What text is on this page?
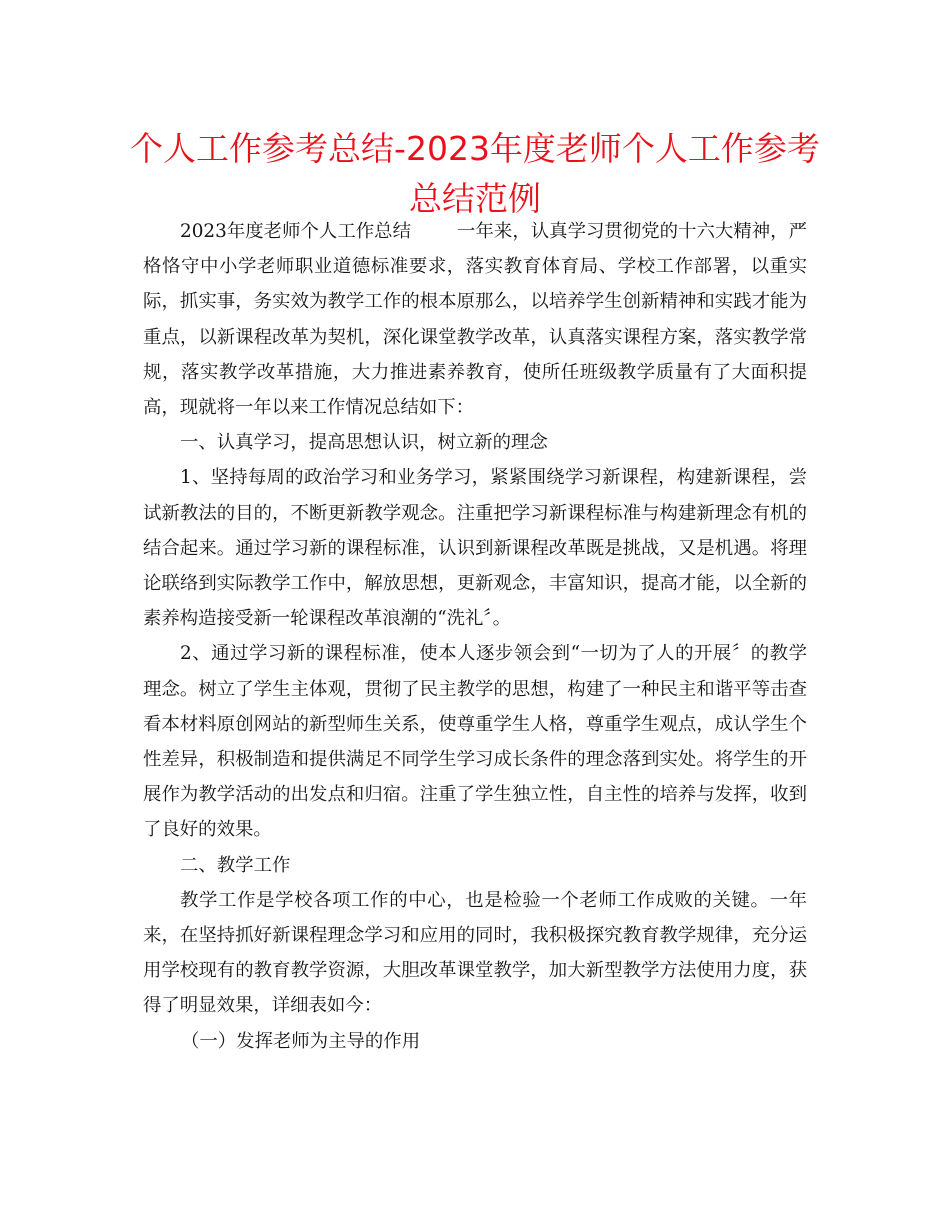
个人工作参考总结-2023年度老师个人工作参考总结范例

2023年度老师个人工作总结	一年来，认真学习贯彻党的十六大精神，严格恪守中小学老师职业道德标准要求，落实教育体育局、学校工作部署，以重实际，抓实事，务实效为教学工作的根本原那么，以培养学生创新精神和实践才能为重点，以新课程改革为契机，深化课堂教学改革，认真落实课程方案，落实教学常规，落实教学改革措施，大力推进素养教育，使所任班级教学质量有了大面积提高，现就将一年以来工作情况总结如下：

一、认真学习，提高思想认识，树立新的理念

1、坚持每周的政治学习和业务学习，紧紧围绕学习新课程，构建新课程，尝试新教法的目的，不断更新教学观念。注重把学习新课程标准与构建新理念有机的结合起来。通过学习新的课程标准，认识到新课程改革既是挑战，又是机遇。将理论联络到实际教学工作中，解放思想，更新观念，丰富知识，提高才能，以全新的素养构造接受新一轮课程改革浪潮的“洗礼〞。

2、通过学习新的课程标准，使本人逐步领会到“一切为了人的开展〞的教学理念。树立了学生主体观，贯彻了民主教学的思想，构建了一种民主和谐平等击查看本材料原创网站的新型师生关系，使尊重学生人格，尊重学生观点，成认学生个性差异，积极制造和提供满足不同学生学习成长条件的理念落到实处。将学生的开展作为教学活动的出发点和归宿。注重了学生独立性，自主性的培养与发挥，收到了良好的效果。

二、教学工作

教学工作是学校各项工作的中心，也是检验一个老师工作成败的关键。一年来，在坚持抓好新课程理念学习和应用的同时，我积极探究教育教学规律，充分运用学校现有的教育教学资源，大胆改革课堂教学，加大新型教学方法使用力度，获得了明显效果，详细表如今：

（一）发挥老师为主导的作用
